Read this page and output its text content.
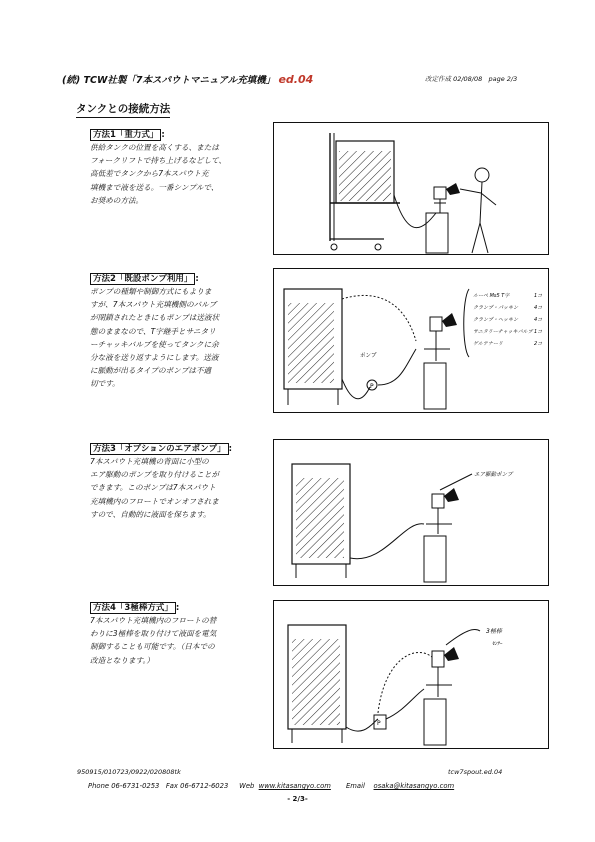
(続) TCW社製「7本スパウトマニュアル充填機」 ed.04	改定作成 02/08/08 page 2/3
タンクとの接続方法
方法1「重力式」 :
供給タンクの位置を高くする、または
フォークリフトで持ち上げるなどして、
高低差でタンクから7本スパウト充
填機まで液を送る。一番シンプルで、
お奨めの方法。
方法2「既設ポンプ利用」 :
ポンプの種類や制御方式にもよりま
すが、7本スパウト充填機側のバルブ
が閉鎖されたときにもポンプは送液状
態のままなので、T字継手とサニタリ
ーチャッキバルブを使ってタンクに余
分な液を送り返すようにします。送液
に脈動が出るタイプのポンプは不適
切です。	P
ポンプ
ルーペ Ms5 T字	1コ
クランプ・パッキン	4コ
クランプ・ヘッキン	4コ
サニタリーチャッキバルブ 1コ
ゲルテナーリ	2コ
方法3「オプションのエアポンプ」 :
7本スパウト充填機の背面に小型の
エア駆動のポンプを取り付けることが
できます。このポンプは7本スパウト
充填機内のフロートでオンオフされま
すので、自動的に液面を保ちます。
エア駆動ポンプ
方法4「3極棒方式」 :
7本スパウト充填機内のフロートの替
わりに3極棒を取り付けて液面を電気
制御することも可能です。（日本での
改造となります。）
P
3極棒
ｾﾝｻｰ
950915/010723/0922/020808tk	tcw7spout.ed.04
Phone 06-6731-0253 Fax 06-6712-6023 Web www.kitasangyo.com Email osaka@kitasangyo.com
- 2/3-
